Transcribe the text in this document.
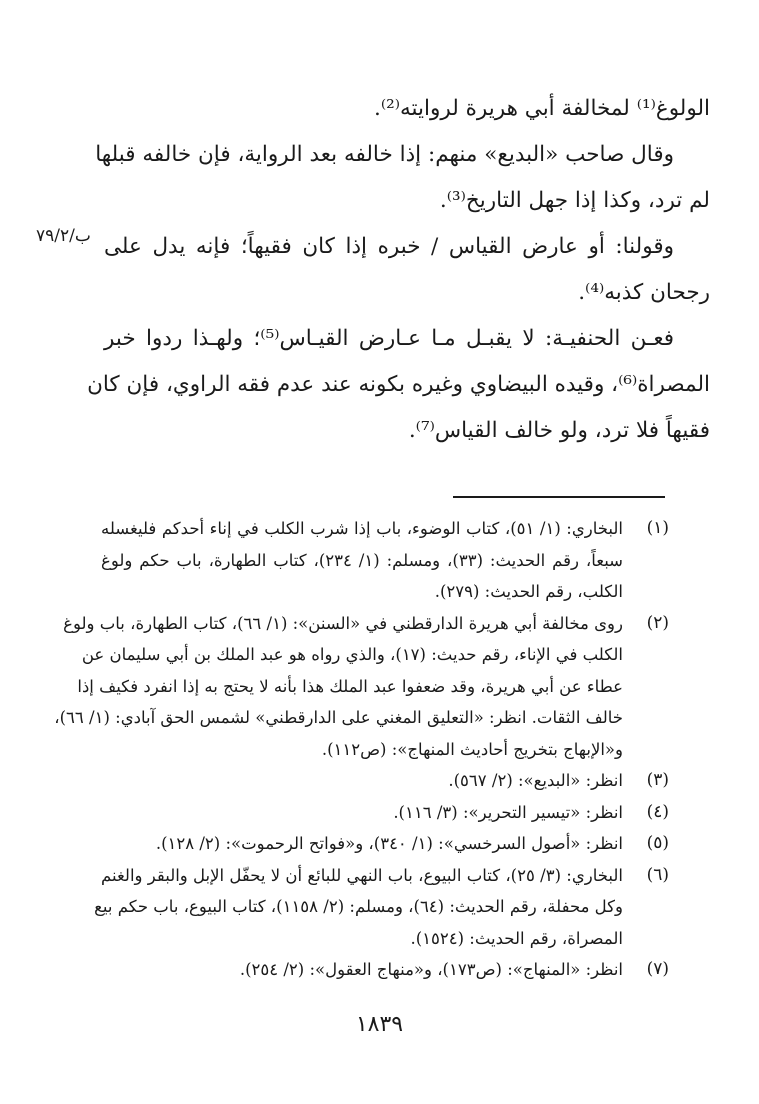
الولوغ⁽¹⁾ لمخالفة أبي هريرة لروايته⁽²⁾.
وقال صاحب «البديع» منهم: إذا خالفه بعد الرواية، فإن خالفه قبلها
لم ترد، وكذا إذا جهل التاريخ⁽³⁾.
وقولنا: أو عارض القياس / خبره إذا كان فقيهاً؛ فإنه يدل على
رجحان كذبه⁽⁴⁾.
فعـن الحنفيـة: لا يقبـل مـا عـارض القيـاس⁽⁵⁾؛ ولهـذا ردوا خبر
المصراة⁽⁶⁾، وقيده البيضاوي وغيره بكونه عند عدم فقه الراوي، فإن كان
فقيهاً فلا ترد، ولو خالف القياس⁽⁷⁾.
ب/٧٩/٢
(١)
البخاري: (١/ ٥١)، كتاب الوضوء، باب إذا شرب الكلب في إناء أحدكم فليغسله
سبعاً، رقم الحديث: (٣٣)، ومسلم: (١/ ٢٣٤)، كتاب الطهارة، باب حكم ولوغ
الكلب، رقم الحديث: (٢٧٩).
(٢)
روى مخالفة أبي هريرة الدارقطني في «السنن»: (١/ ٦٦)، كتاب الطهارة، باب ولوغ
الكلب في الإناء، رقم حديث: (١٧)، والذي رواه هو عبد الملك بن أبي سليمان عن
عطاء عن أبي هريرة، وقد ضعفوا عبد الملك هذا بأنه لا يحتج به إذا انفرد فكيف إذا
خالف الثقات. انظر: «التعليق المغني على الدارقطني» لشمس الحق آبادي: (١/ ٦٦)،
و«الإبهاج بتخريج أحاديث المنهاج»: (ص١١٢).
(٣)
انظر: «البديع»: (٢/ ٥٦٧).
(٤)
انظر: «تيسير التحرير»: (٣/ ١١٦).
(٥)
انظر: «أصول السرخسي»: (١/ ٣٤٠)، و«فواتح الرحموت»: (٢/ ١٢٨).
(٦)
البخاري: (٣/ ٢٥)، كتاب البيوع، باب النهي للبائع أن لا يحفّل الإبل والبقر والغنم
وكل محفلة، رقم الحديث: (٦٤)، ومسلم: (٢/ ١١٥٨)، كتاب البيوع، باب حكم بيع
المصراة، رقم الحديث: (١٥٢٤).
(٧)
انظر: «المنهاج»: (ص١٧٣)، و«منهاج العقول»: (٢/ ٢٥٤).
١٨٣٩
